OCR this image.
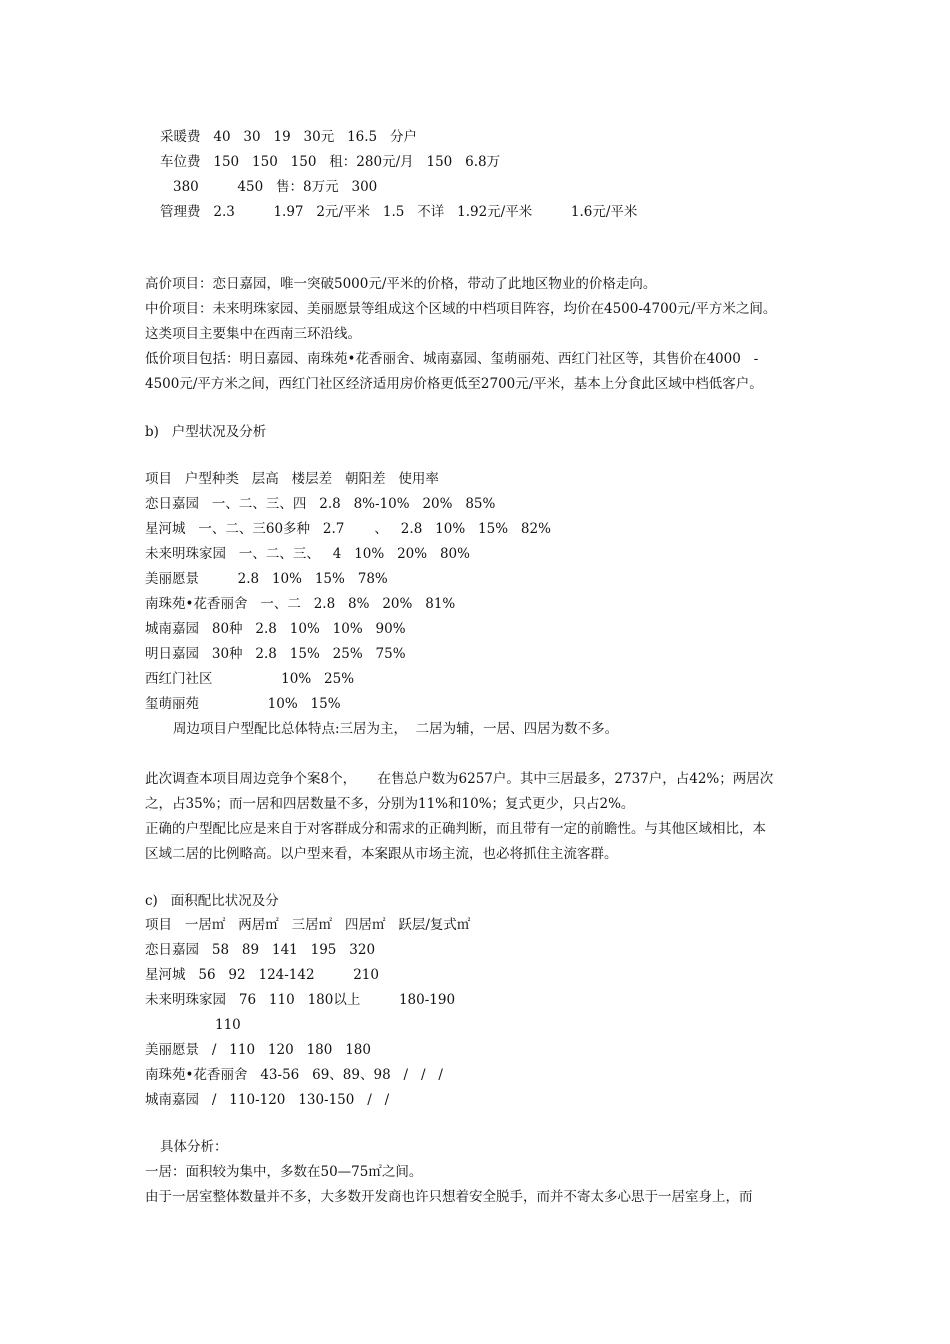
采暖费   40   30   19   30元   16.5   分户
车位费   150   150   150   租：280元/月   150   6.8万
380         450   售：8万元   300
管理费   2.3         1.97   2元/平米   1.5   不详   1.92元/平米         1.6元/平米
高价项目：恋日嘉园，唯一突破5000元/平米的价格，带动了此地区物业的价格走向。
中价项目：未来明珠家园、美丽愿景等组成这个区域的中档项目阵容，均价在4500-4700元/平方米之间。
这类项目主要集中在西南三环沿线。
低价项目包括：明日嘉园、南珠苑•花香丽舍、城南嘉园、玺萌丽苑、西红门社区等，其售价在4000   -
4500元/平方米之间，西红门社区经济适用房价格更低至2700元/平米，基本上分食此区域中档低客户。
b)   户型状况及分析
项目   户型种类   层高   楼层差   朝阳差   使用率
恋日嘉园   一、二、三、四   2.8   8%-10%   20%   85%
星河城   一、二、三60多种   2.7       、   2.8   10%   15%   82%
未来明珠家园   一、二、三、   4   10%   20%   80%
美丽愿景         2.8   10%   15%   78%
南珠苑•花香丽舍   一、二   2.8   8%   20%   81%
城南嘉园   80种   2.8   10%   10%   90%
明日嘉园   30种   2.8   15%   25%   75%
西红门社区                10%   25%
玺萌丽苑                10%   15%
周边项目户型配比总体特点:三居为主，  二居为辅，一居、四居为数不多。
此次调查本项目周边竞争个案8个，     在售总户数为6257户。其中三居最多，2737户，占42%；两居次
之，占35%；而一居和四居数量不多，分别为11%和10%；复式更少，只占2%。
正确的户型配比应是来自于对客群成分和需求的正确判断，而且带有一定的前瞻性。与其他区域相比，本
区域二居的比例略高。以户型来看，本案跟从市场主流，也必将抓住主流客群。
c)   面积配比状况及分
项目   一居㎡   两居㎡   三居㎡   四居㎡   跃层/复式㎡
恋日嘉园   58   89   141   195   320
星河城   56   92   124-142         210
未来明珠家园   76   110   180以上         180-190
110
美丽愿景   /   110   120   180   180
南珠苑•花香丽舍   43-56   69、89、98   /   /   /
城南嘉园   /   110-120   130-150   /   /
具体分析：
一居：面积较为集中，多数在50—75㎡之间。
由于一居室整体数量并不多，大多数开发商也许只想着安全脱手，而并不寄太多心思于一居室身上，而
